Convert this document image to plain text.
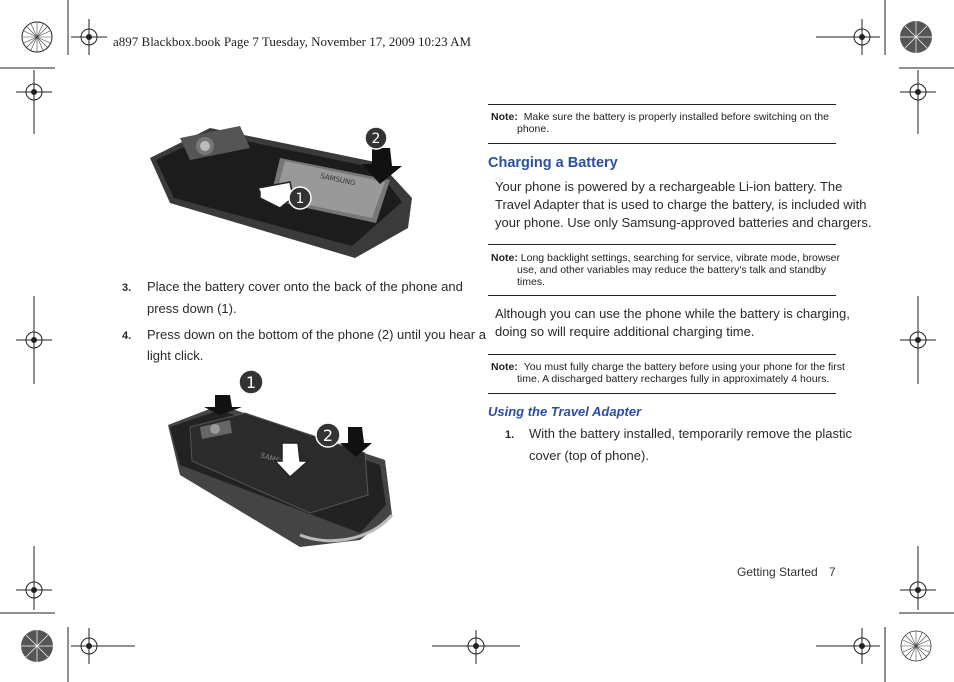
a897 Blackbox.book Page 7 Tuesday, November 17, 2009 10:23 AM
SAMSUNG
2
1
3. Place the battery cover onto the back of the phone and
press down (1).
4. Press down on the bottom of the phone (2) until you hear a
light click.
1
2
Note: Make sure the battery is properly installed before switching on the
phone.
Charging a Battery
Your phone is powered by a rechargeable Li-ion battery. The
Travel Adapter that is used to charge the battery, is included with
your phone. Use only Samsung-approved batteries and chargers.
Note: Long backlight settings, searching for service, vibrate mode, browser
use, and other variables may reduce the battery's talk and standby
times.
Although you can use the phone while the battery is charging,
doing so will require additional charging time.
Note: You must fully charge the battery before using your phone for the first
time. A discharged battery recharges fully in approximately 4 hours.
Using the Travel Adapter
1. With the battery installed, temporarily remove the plastic
cover (top of phone).
Getting Started 7
